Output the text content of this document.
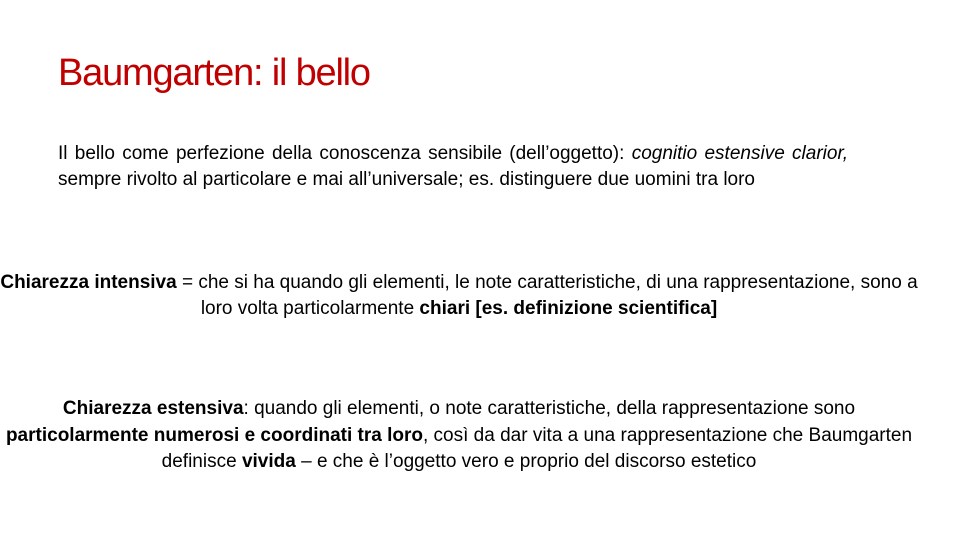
Baumgarten: il bello

Il bello come perfezione della conoscenza sensibile (dell’oggetto): cognitio estensive clarior, sempre rivolto al particolare e mai all’universale; es. distinguere due uomini tra loro

Chiarezza intensiva = che si ha quando gli elementi, le note caratteristiche, di una rappresentazione, sono a loro volta particolarmente chiari [es. definizione scientifica]

Chiarezza estensiva: quando gli elementi, o note caratteristiche, della rappresentazione sono particolarmente numerosi e coordinati tra loro, così da dar vita a una rappresentazione che Baumgarten definisce vivida – e che è l’oggetto vero e proprio del discorso estetico
